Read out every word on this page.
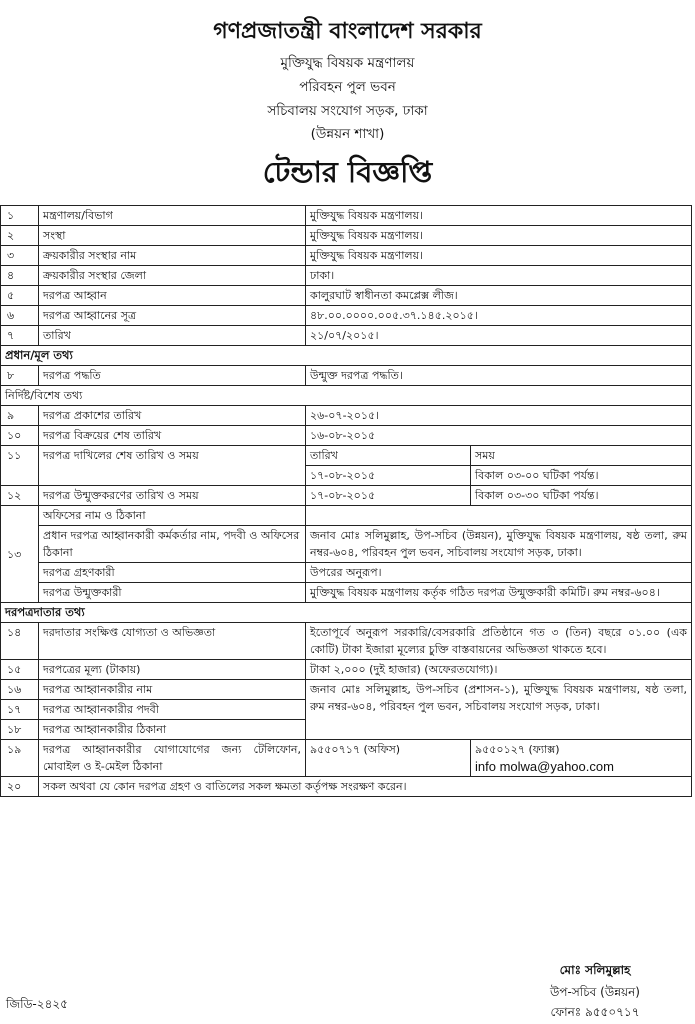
গণপ্রজাতন্ত্রী বাংলাদেশ সরকার
মুক্তিযুদ্ধ বিষয়ক মন্ত্রণালয়
পরিবহন পুল ভবন
সচিবালয় সংযোগ সড়ক, ঢাকা
(উন্নয়ন শাখা)
টেন্ডার বিজ্ঞপ্তি
১	মন্ত্রণালয়/বিভাগ	মুক্তিযুদ্ধ বিষয়ক মন্ত্রণালয়।	
২	সংস্থা	মুক্তিযুদ্ধ বিষয়ক মন্ত্রণালয়।	
৩	ক্রয়কারীর সংস্থার নাম	মুক্তিযুদ্ধ বিষয়ক মন্ত্রণালয়।	
৪	ক্রয়কারীর সংস্থার জেলা	ঢাকা।	
৫	দরপত্র আহ্বান	কালুরঘাট স্বাধীনতা কমপ্লেক্স লীজ।	
৬	দরপত্র আহ্বানের সূত্র	৪৮.০০.০০০০.০০৫.৩৭.১৪৫.২০১৫।	
৭	তারিখ	২১/০৭/২০১৫।	
প্রধান/মূল তথ্য			
৮	দরপত্র পদ্ধতি	উন্মুক্ত দরপত্র পদ্ধতি।	
নির্দিষ্ট/বিশেষ তথ্য			
৯	দরপত্র প্রকাশের তারিখ	২৬-০৭-২০১৫।	
১০	দরপত্র বিক্রয়ের শেষ তারিখ	১৬-০৮-২০১৫	
১১	দরপত্র দাখিলের শেষ তারিখ ও সময়	তারিখ	সময়
		১৭-০৮-২০১৫	বিকাল ০৩-০০ ঘটিকা পর্যন্ত।
১২	দরপত্র উন্মুক্তকরণের তারিখ ও সময়	১৭-০৮-২০১৫	বিকাল ০৩-৩০ ঘটিকা পর্যন্ত।
১৩	অফিসের নাম ও ঠিকানা		
	প্রধান দরপত্র আহ্বানকারী কর্মকর্তার নাম, পদবী ও অফিসের ঠিকানা	জনাব মোঃ সলিমুল্লাহ, উপ-সচিব (উন্নয়ন), মুক্তিযুদ্ধ বিষয়ক মন্ত্রণালয়, ষষ্ঠ তলা, রুম নম্বর-৬০৪, পরিবহন পুল ভবন, সচিবালয় সংযোগ সড়ক, ঢাকা।	
	দরপত্র গ্রহণকারী	উপরের অনুরূপ।	
	দরপত্র উন্মুক্তকারী	মুক্তিযুদ্ধ বিষয়ক মন্ত্রণালয় কর্তৃক গঠিত দরপত্র উন্মুক্তকারী কমিটি। রুম নম্বর-৬০৪।	
দরপত্রদাতার তথ্য			
১৪	দরদাতার সংক্ষিপ্ত যোগ্যতা ও অভিজ্ঞতা	ইতোপূর্বে অনুরূপ সরকারি/বেসরকারি প্রতিষ্ঠানে গত ৩ (তিন) বছরে ০১.০০ (এক কোটি) টাকা ইজারা মূল্যের চুক্তি বাস্তবায়নের অভিজ্ঞতা থাকতে হবে।	
১৫	দরপত্রের মূল্য (টাকায়)	টাকা ২,০০০ (দুই হাজার) (অফেরতযোগ্য)।	
১৬	দরপত্র আহ্বানকারীর নাম	জনাব মোঃ সলিমুল্লাহ, উপ-সচিব (প্রশাসন-১), মুক্তিযুদ্ধ বিষয়ক মন্ত্রণালয়, ষষ্ঠ তলা, রুম নম্বর-৬০৪, পরিবহন পুল ভবন, সচিবালয় সংযোগ সড়ক, ঢাকা।	
১৭	দরপত্র আহ্বানকারীর পদবী		
১৮	দরপত্র আহ্বানকারীর ঠিকানা		
১৯	দরপত্র আহ্বানকারীর যোগাযোগের জন্য টেলিফোন, মোবাইল ও ই-মেইল ঠিকানা	৯৫৫০৭১৭ (অফিস)	৯৫৫০১২৭ (ফ্যাক্স)
info molwa@yahoo.com

২০	সকল অথবা যে কোন দরপত্র গ্রহণ ও বাতিলের সকল ক্ষমতা কর্তৃপক্ষ সংরক্ষণ করেন।		
মোঃ সলিমুল্লাহ
উপ-সচিব (উন্নয়ন)
ফোনঃ ৯৫৫০৭১৭
জিডি-২৪২৫
